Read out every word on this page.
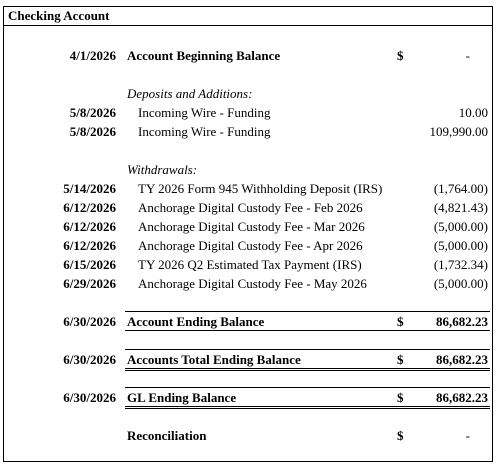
Checking Account
4/1/2026 Account Beginning Balance	$	-
Deposits and Additions:
5/8/2026 Incoming Wire - Funding	10.00
5/8/2026 Incoming Wire - Funding	109,990.00
Withdrawals:
5/14/2026 TY 2026 Form 945 Withholding Deposit (IRS)	(1,764.00)
6/12/2026 Anchorage Digital Custody Fee - Feb 2026	(4,821.43)
6/12/2026 Anchorage Digital Custody Fee - Mar 2026	(5,000.00)
6/12/2026 Anchorage Digital Custody Fee - Apr 2026	(5,000.00)
6/15/2026 TY 2026 Q2 Estimated Tax Payment (IRS)	(1,732.34)
6/29/2026 Anchorage Digital Custody Fee - May 2026	(5,000.00)
6/30/2026 Account Ending Balance	$	86,682.23
6/30/2026 Accounts Total Ending Balance	$	86,682.23
6/30/2026 GL Ending Balance	$	86,682.23
Reconciliation	$	-
